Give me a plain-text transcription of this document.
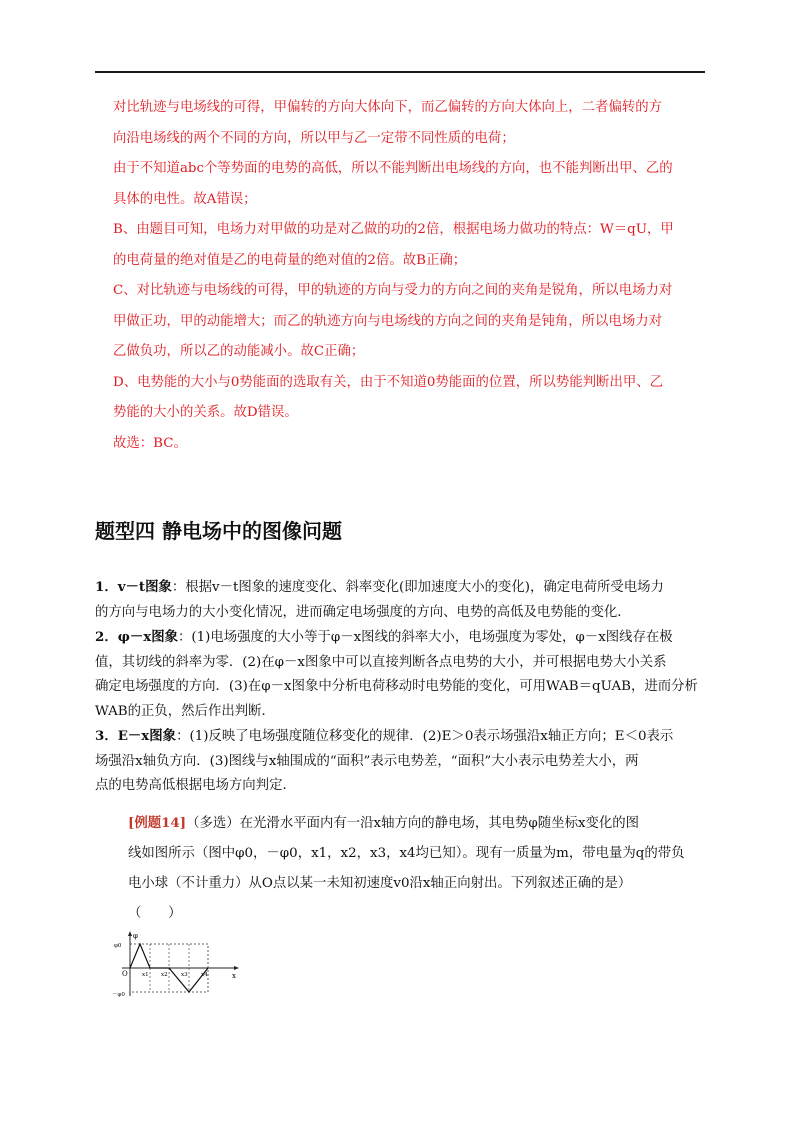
对比轨迹与电场线的可得，甲偏转的方向大体向下，而乙偏转的方向大体向上，二者偏转的方

向沿电场线的两个不同的方向，所以甲与乙一定带不同性质的电荷；

由于不知道abc个等势面的电势的高低，所以不能判断出电场线的方向，也不能判断出甲、乙的

具体的电性。故A错误；

B、由题目可知，电场力对甲做的功是对乙做的功的2倍，根据电场力做功的特点：W＝qU，甲

的电荷量的绝对值是乙的电荷量的绝对值的2倍。故B正确；

C、对比轨迹与电场线的可得，甲的轨迹的方向与受力的方向之间的夹角是锐角，所以电场力对

甲做正功，甲的动能增大；而乙的轨迹方向与电场线的方向之间的夹角是钝角，所以电场力对

乙做负功，所以乙的动能减小。故C正确；

D、电势能的大小与0势能面的选取有关，由于不知道0势能面的位置，所以势能判断出甲、乙

势能的大小的关系。故D错误。

故选：BC。

题型四 静电场中的图像问题

1．v－t图象：根据v－t图象的速度变化、斜率变化(即加速度大小的变化)，确定电荷所受电场力

的方向与电场力的大小变化情况，进而确定电场强度的方向、电势的高低及电势能的变化．

2．φ－x图象：(1)电场强度的大小等于φ－x图线的斜率大小，电场强度为零处，φ－x图线存在极

值，其切线的斜率为零．(2)在φ－x图象中可以直接判断各点电势的大小，并可根据电势大小关系

确定电场强度的方向．(3)在φ－x图象中分析电荷移动时电势能的变化，可用WAB＝qUAB，进而分析

WAB的正负，然后作出判断．

3．E－x图象：(1)反映了电场强度随位移变化的规律．(2)E＞0表示场强沿x轴正方向；E＜0表示

场强沿x轴负方向．(3)图线与x轴围成的“面积”表示电势差，“面积”大小表示电势差大小，两

点的电势高低根据电场方向判定．

[例题14]（多选）在光滑水平面内有一沿x轴方向的静电场，其电势φ随坐标x变化的图

线如图所示（图中φ0，－φ0，x1，x2，x3，x4均已知）。现有一质量为m，带电量为q的带负

电小球（不计重力）从O点以某一未知初速度v0沿x轴正向射出。下列叙述正确的是）

（　　）

φ
x
O
φ0
－φ0
x1 x2 x3 x4
